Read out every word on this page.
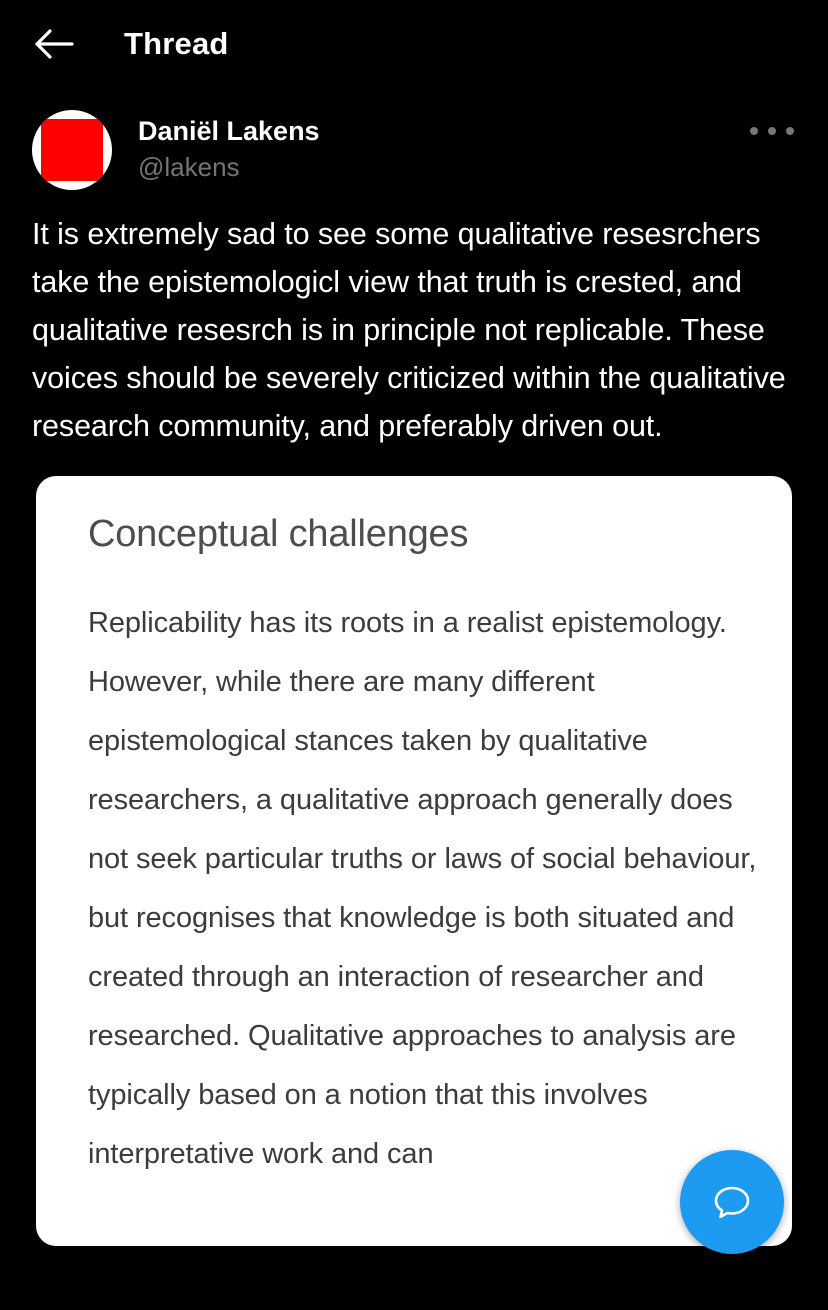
Thread
Daniël Lakens
@lakens
It is extremely sad to see some qualitative resesrchers take the epistemologicl view that truth is crested, and qualitative resesrch is in principle not replicable. These voices should be severely criticized within the qualitative research community, and preferably driven out.
Conceptual challenges
Replicability has its roots in a realist epistemology. However, while there are many different epistemological stances taken by qualitative researchers, a qualitative approach generally does not seek particular truths or laws of social behaviour, but recognises that knowledge is both situated and created through an interaction of researcher and researched. Qualitative approaches to analysis are typically based on a notion that this involves interpretative work and can
